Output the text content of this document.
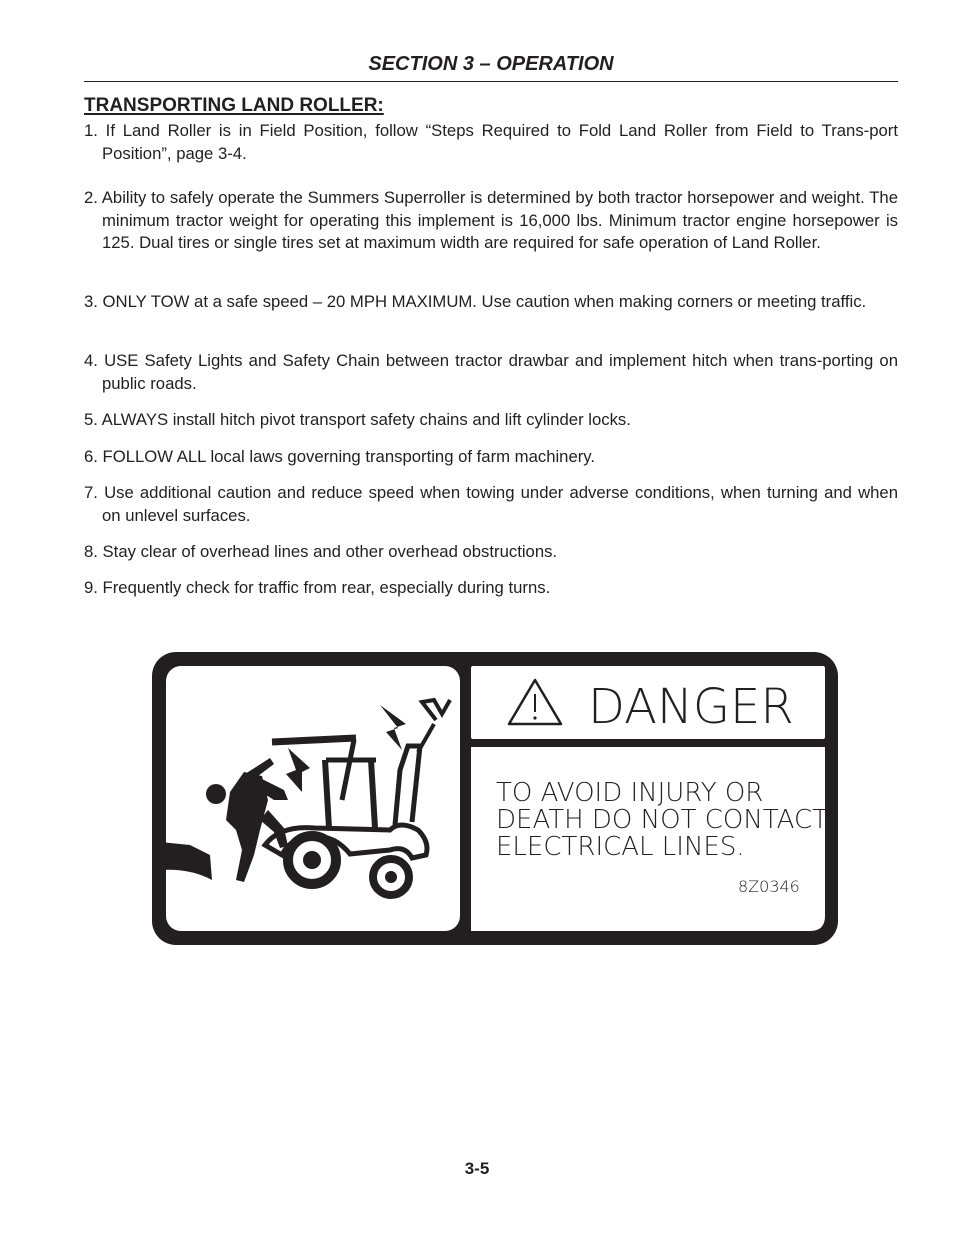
SECTION 3 – OPERATION
TRANSPORTING LAND ROLLER:
1. If Land Roller is in Field Position, follow “Steps Required to Fold Land Roller from Field to Trans-port Position”, page 3-4.
2. Ability to safely operate the Summers Superroller is determined by both tractor horsepower and weight. The minimum tractor weight for operating this implement is 16,000 lbs. Minimum tractor engine horsepower is 125. Dual tires or single tires set at maximum width are required for safe operation of Land Roller.
3. ONLY TOW at a safe speed – 20 MPH MAXIMUM. Use caution when making corners or meeting traffic.
4. USE Safety Lights and Safety Chain between tractor drawbar and implement hitch when trans-porting on public roads.
5. ALWAYS install hitch pivot transport safety chains and lift cylinder locks.
6. FOLLOW ALL local laws governing transporting of farm machinery.
7. Use additional caution and reduce speed when towing under adverse conditions, when turning and when on unlevel surfaces.
8. Stay clear of overhead lines and other overhead obstructions.
9. Frequently check for traffic from rear, especially during turns.
DANGER
TO AVOID INJURY OR
DEATH DO NOT CONTACT
ELECTRICAL LINES.
8Z0346
3-5
